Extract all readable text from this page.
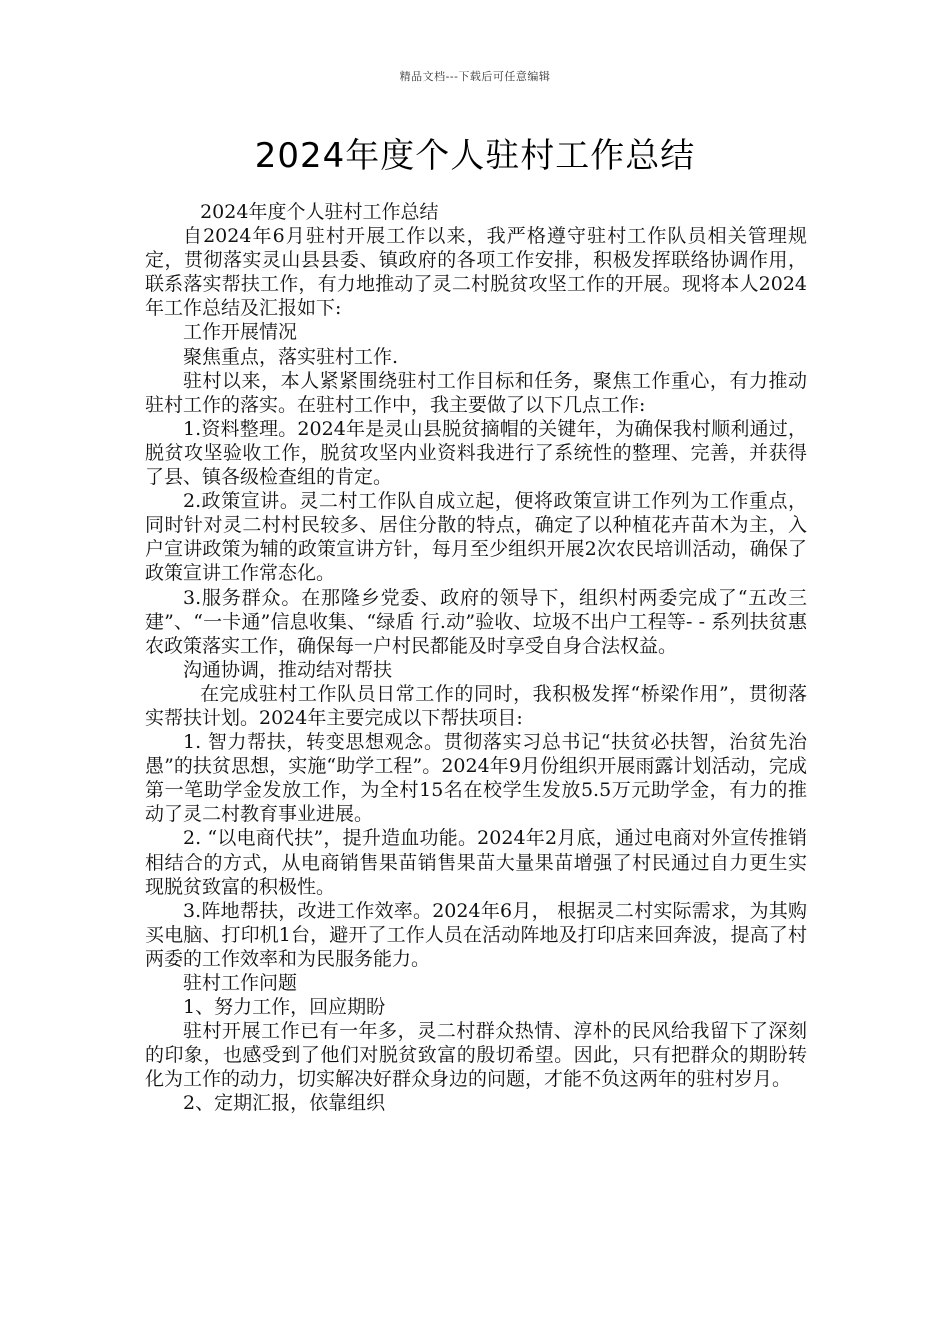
精品文档---下载后可任意编辑
2024年度个人驻村工作总结

2024年度个人驻村工作总结

自2024年6月驻村开展工作以来，我严格遵守驻村工作队员相关管理规定，贯彻落实灵山县县委、镇政府的各项工作安排，积极发挥联络协调作用，联系落实帮扶工作，有力地推动了灵二村脱贫攻坚工作的开展。现将本人2024年工作总结及汇报如下:

工作开展情况

聚焦重点，落实驻村工作.

驻村以来，本人紧紧围绕驻村工作目标和任务，聚焦工作重心，有力推动驻村工作的落实。在驻村工作中，我主要做了以下几点工作:

1.资料整理。2024年是灵山县脱贫摘帽的关键年，为确保我村顺利通过，脱贫攻坚验收工作，脱贫攻坚内业资料我进行了系统性的整理、完善，并获得了县、镇各级检查组的肯定。

2.政策宣讲。灵二村工作队自成立起，便将政策宣讲工作列为工作重点，同时针对灵二村村民较多、居住分散的特点，确定了以种植花卉苗木为主，入户宣讲政策为辅的政策宣讲方针，每月至少组织开展2次农民培训活动，确保了政策宣讲工作常态化。

3.服务群众。在那隆乡党委、政府的领导下，组织村两委完成了“五改三建”、“一卡通”信息收集、“绿盾 行.动”验收、垃圾不出户工程等- - 系列扶贫惠农政策落实工作，确保每一户村民都能及时享受自身合法权益。

沟通协调，推动结对帮扶

在完成驻村工作队员日常工作的同时，我积极发挥“桥梁作用”，贯彻落实帮扶计划。2024年主要完成以下帮扶项目:

1. 智力帮扶，转变思想观念。贯彻落实习总书记“扶贫必扶智，治贫先治愚”的扶贫思想，实施“助学工程”。2024年9月份组织开展雨露计划活动，完成第一笔助学金发放工作，为全村15名在校学生发放5.5万元助学金，有力的推动了灵二村教育事业进展。

2. “以电商代扶”，提升造血功能。2024年2月底，通过电商对外宣传推销相结合的方式，从电商销售果苗销售果苗大量果苗增强了村民通过自力更生实现脱贫致富的积极性。

3.阵地帮扶，改进工作效率。2024年6月， 根据灵二村实际需求，为其购买电脑、打印机1台，避开了工作人员在活动阵地及打印店来回奔波，提高了村两委的工作效率和为民服务能力。

驻村工作问题

1、努力工作，回应期盼

驻村开展工作已有一年多，灵二村群众热情、淳朴的民风给我留下了深刻的印象，也感受到了他们对脱贫致富的殷切希望。因此，只有把群众的期盼转化为工作的动力，切实解决好群众身边的问题，才能不负这两年的驻村岁月。

2、定期汇报，依靠组织
